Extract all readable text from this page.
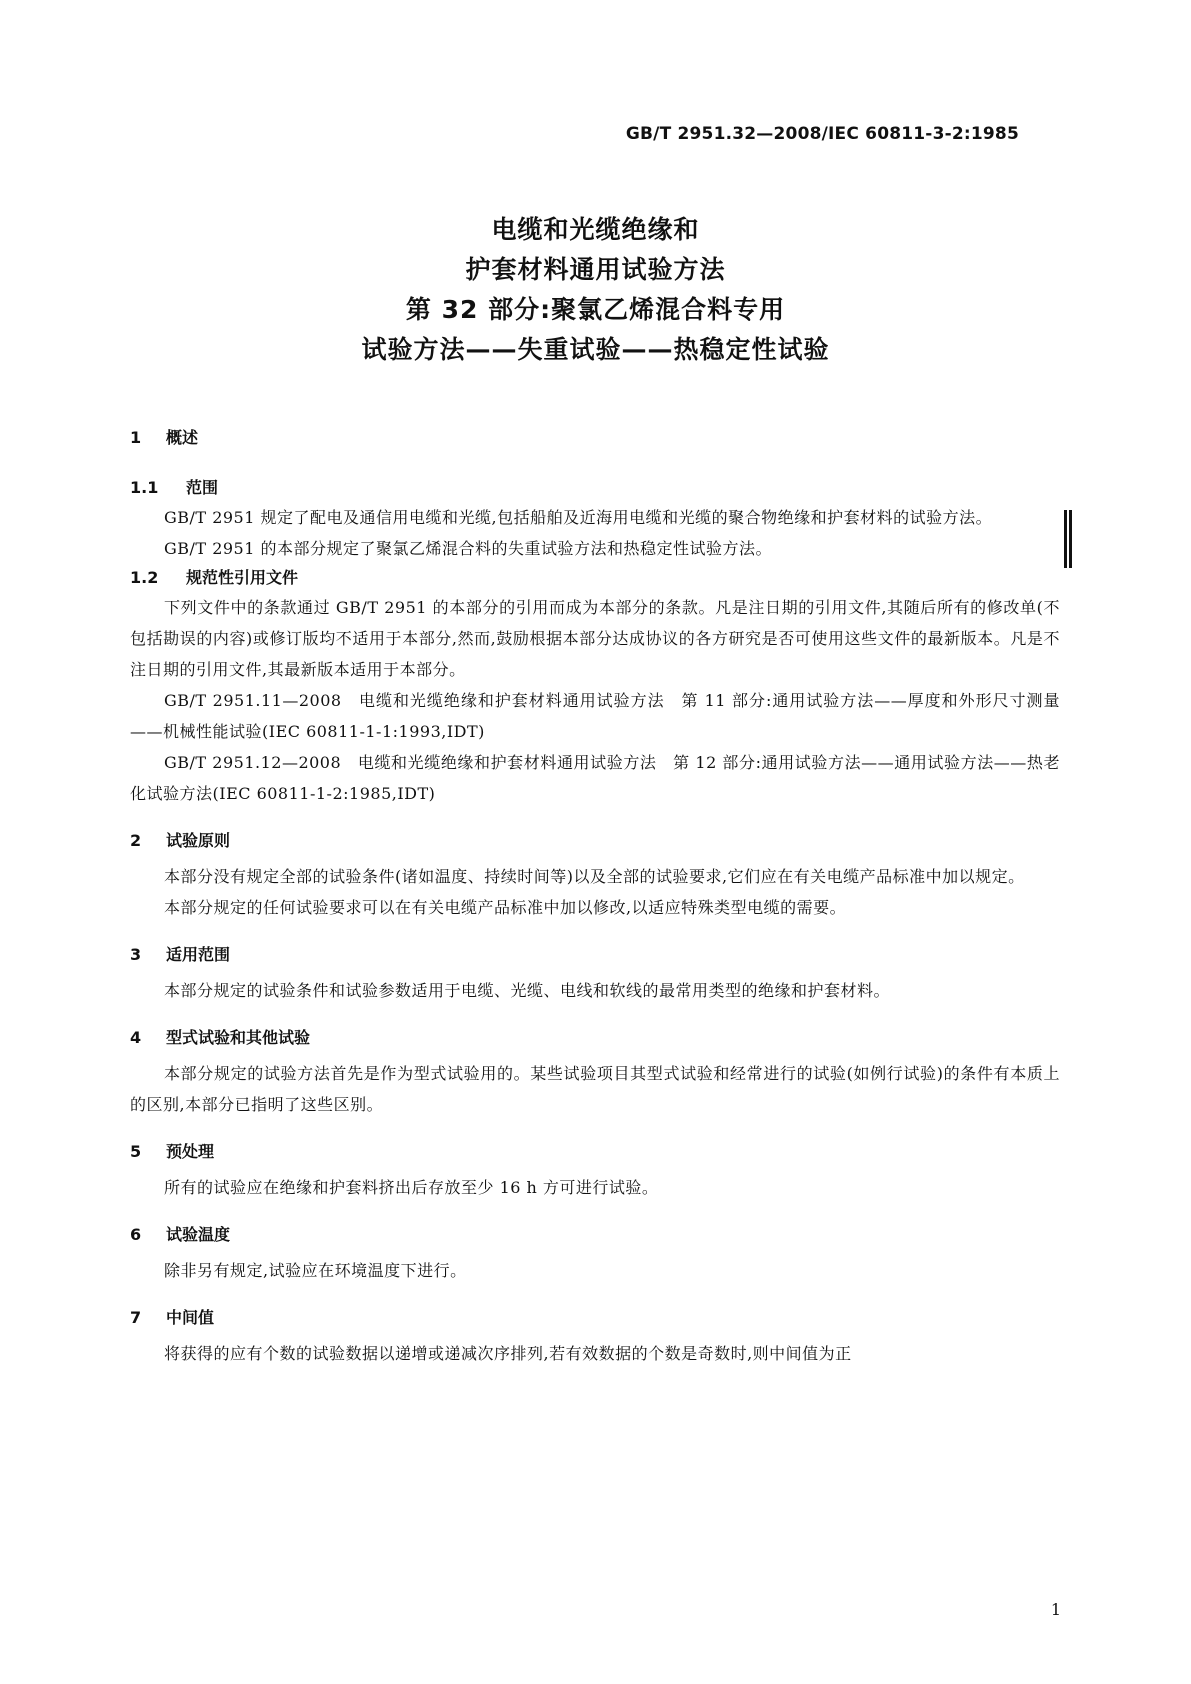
GB/T 2951.32—2008/IEC 60811-3-2:1985
电缆和光缆绝缘和
护套材料通用试验方法
第 32 部分:聚氯乙烯混合料专用
试验方法——失重试验——热稳定性试验
1 概述
1.1 范围
GB/T 2951 规定了配电及通信用电缆和光缆,包括船舶及近海用电缆和光缆的聚合物绝缘和护套材料的试验方法。
GB/T 2951 的本部分规定了聚氯乙烯混合料的失重试验方法和热稳定性试验方法。
1.2 规范性引用文件
下列文件中的条款通过 GB/T 2951 的本部分的引用而成为本部分的条款。凡是注日期的引用文件,其随后所有的修改单(不包括勘误的内容)或修订版均不适用于本部分,然而,鼓励根据本部分达成协议的各方研究是否可使用这些文件的最新版本。凡是不注日期的引用文件,其最新版本适用于本部分。
GB/T 2951.11—2008　电缆和光缆绝缘和护套材料通用试验方法　第 11 部分:通用试验方法——厚度和外形尺寸测量——机械性能试验(IEC 60811-1-1:1993,IDT)
GB/T 2951.12—2008　电缆和光缆绝缘和护套材料通用试验方法　第 12 部分:通用试验方法——通用试验方法——热老化试验方法(IEC 60811-1-2:1985,IDT)
2 试验原则
本部分没有规定全部的试验条件(诸如温度、持续时间等)以及全部的试验要求,它们应在有关电缆产品标准中加以规定。
本部分规定的任何试验要求可以在有关电缆产品标准中加以修改,以适应特殊类型电缆的需要。
3 适用范围
本部分规定的试验条件和试验参数适用于电缆、光缆、电线和软线的最常用类型的绝缘和护套材料。
4 型式试验和其他试验
本部分规定的试验方法首先是作为型式试验用的。某些试验项目其型式试验和经常进行的试验(如例行试验)的条件有本质上的区别,本部分已指明了这些区别。
5 预处理
所有的试验应在绝缘和护套料挤出后存放至少 16 h 方可进行试验。
6 试验温度
除非另有规定,试验应在环境温度下进行。
7 中间值
将获得的应有个数的试验数据以递增或递减次序排列,若有效数据的个数是奇数时,则中间值为正
1
